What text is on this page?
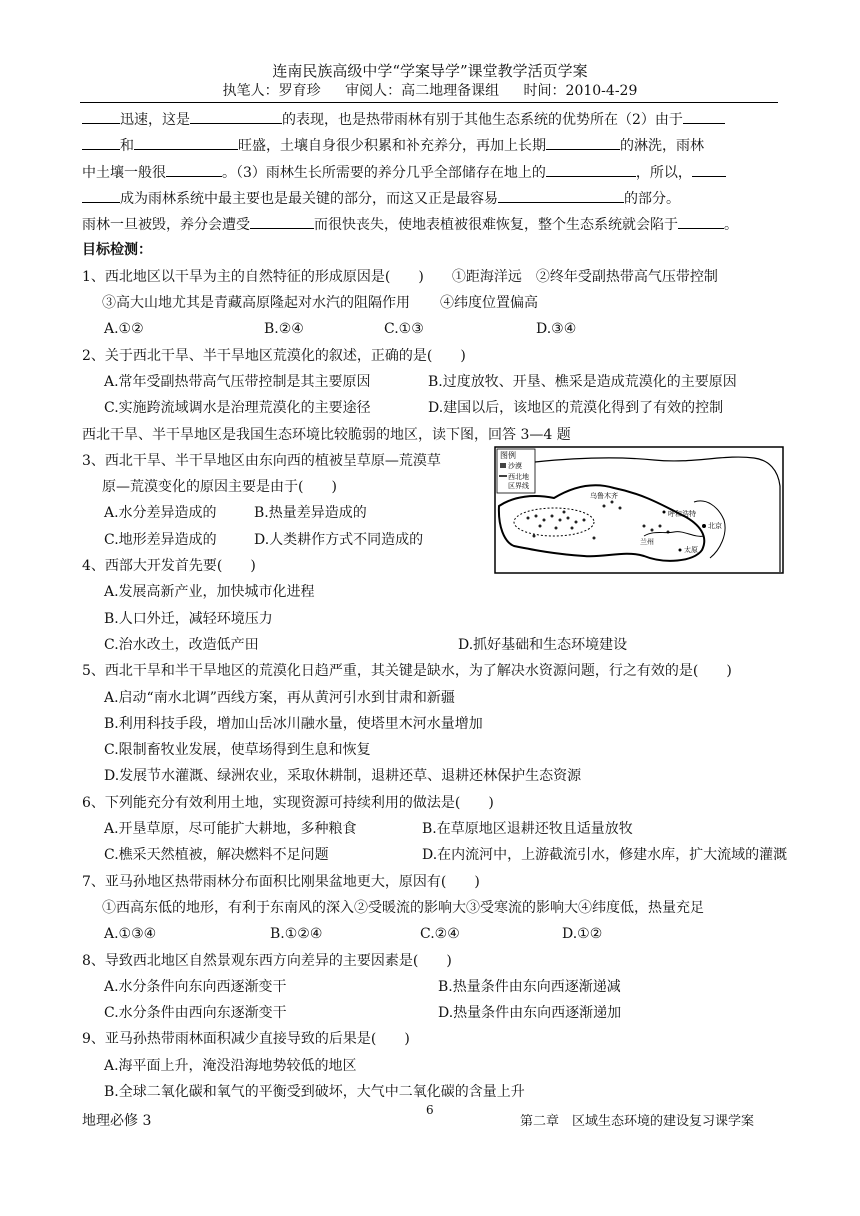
连南民族高级中学“学案导学”课堂教学活页学案
执笔人：罗育珍 审阅人：高二地理备课组 时间：2010-4-29
迅速，这是	的表现，也是热带雨林有别于其他生态系统的优势所在（2）由于
和	旺盛，土壤自身很少积累和补充养分，再加上长期	的淋洗，雨林
中土壤一般很	。（3）雨林生长所需要的养分几乎全部储存在地上的	，所以，
成为雨林系统中最主要也是最关键的部分，而这又正是最容易	的部分。
雨林一旦被毁，养分会遭受	而很快丧失，使地表植被很难恢复，整个生态系统就会陷于	。
目标检测：
1、西北地区以干旱为主的自然特征的形成原因是(　　) ①距海洋远 ②终年受副热带高气压带控制
③高大山地尤其是青藏高原隆起对水汽的阻隔作用 ④纬度位置偏高
A.①②	B.②④	C.①③	D.③④
2、关于西北干旱、半干旱地区荒漠化的叙述，正确的是(　　)
A.常年受副热带高气压带控制是其主要原因	B.过度放牧、开垦、樵采是造成荒漠化的主要原因
C.实施跨流域调水是治理荒漠化的主要途径	D.建国以后，该地区的荒漠化得到了有效的控制
西北干旱、半干旱地区是我国生态环境比较脆弱的地区，读下图，回答 3—4 题
3、西北干旱、半干旱地区由东向西的植被呈草原—荒漠草
原—荒漠变化的原因主要是由于(　　)
A.水分差异造成的	B.热量差异造成的
C.地形差异造成的	D.人类耕作方式不同造成的
4、西部大开发首先要(　　)
A.发展高新产业，加快城市化进程
B.人口外迁，减轻环境压力
C.治水改土，改造低产田	D.抓好基础和生态环境建设
5、西北干旱和半干旱地区的荒漠化日趋严重，其关键是缺水，为了解决水资源问题，行之有效的是(　　)
A.启动“南水北调”西线方案，再从黄河引水到甘肃和新疆
B.利用科技手段，增加山岳冰川融水量，使塔里木河水量增加
C.限制畜牧业发展，使草场得到生息和恢复
D.发展节水灌溉、绿洲农业，采取休耕制，退耕还草、退耕还林保护生态资源
6、下列能充分有效利用土地，实现资源可持续利用的做法是(　　)
A.开垦草原，尽可能扩大耕地，多种粮食	B.在草原地区退耕还牧且适量放牧
C.樵采天然植被，解决燃料不足问题	D.在内流河中，上游截流引水，修建水库，扩大流域的灌溉
7、亚马孙地区热带雨林分布面积比刚果盆地更大，原因有(　　)
①西高东低的地形，有利于东南风的深入②受暖流的影响大③受寒流的影响大④纬度低，热量充足
A.①③④	B.①②④	C.②④	D.①②
8、导致西北地区自然景观东西方向差异的主要因素是(　　)
A.水分条件向东向西逐渐变干	B.热量条件由东向西逐渐递减
C.水分条件由西向东逐渐变干	D.热量条件由东向西逐渐递加
9、亚马孙热带雨林面积减少直接导致的后果是(　　)
A.海平面上升，淹没沿海地势较低的地区
B.全球二氧化碳和氧气的平衡受到破坏，大气中二氧化碳的含量上升
图例
沙漠
西北地
区界线
乌鲁木齐
呼和浩特
北京
太原
兰州
地理必修 3
6
第二章　区域生态环境的建设复习课学案
